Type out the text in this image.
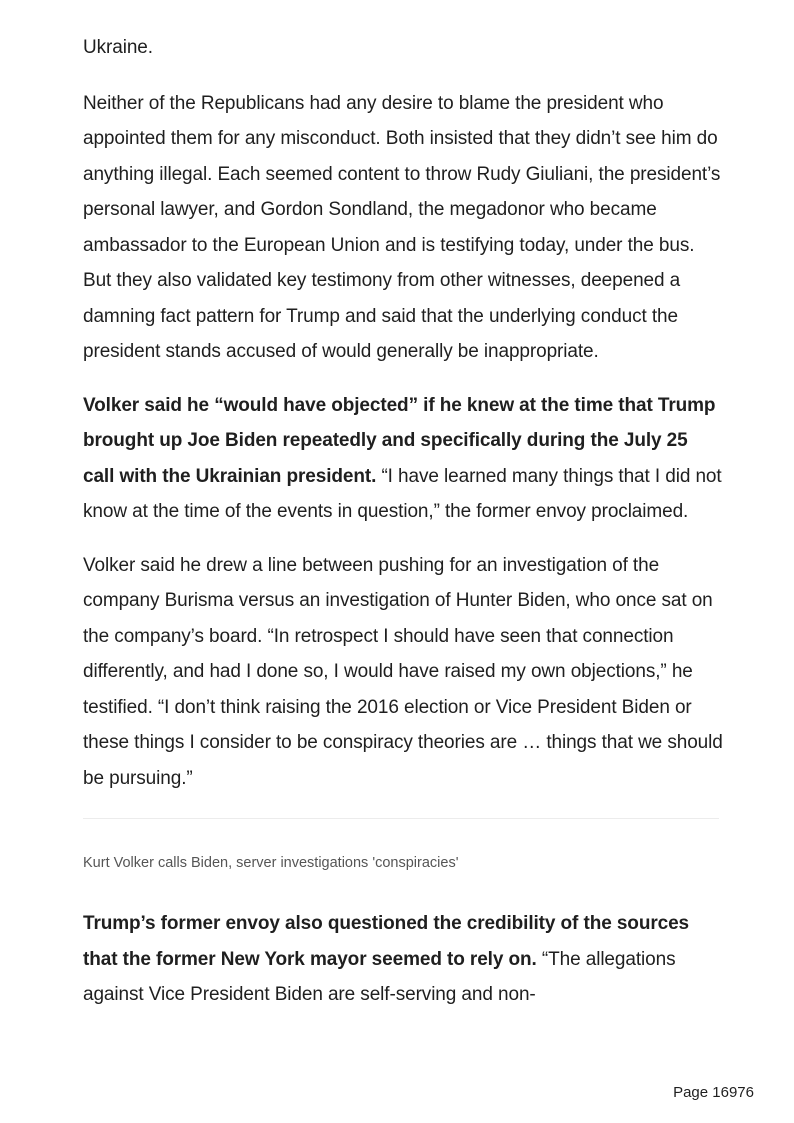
Ukraine.

Neither of the Republicans had any desire to blame the president who appointed them for any misconduct. Both insisted that they didn’t see him do anything illegal. Each seemed content to throw Rudy Giuliani, the president’s personal lawyer, and Gordon Sondland, the megadonor who became ambassador to the European Union and is testifying today, under the bus. But they also validated key testimony from other witnesses, deepened a damning fact pattern for Trump and said that the underlying conduct the president stands accused of would generally be inappropriate.

Volker said he “would have objected” if he knew at the time that Trump brought up Joe Biden repeatedly and specifically during the July 25 call with the Ukrainian president. “I have learned many things that I did not know at the time of the events in question,” the former envoy proclaimed.

Volker said he drew a line between pushing for an investigation of the company Burisma versus an investigation of Hunter Biden, who once sat on the company’s board. “In retrospect I should have seen that connection differently, and had I done so, I would have raised my own objections,” he testified. “I don’t think raising the 2016 election or Vice President Biden or these things I consider to be conspiracy theories are … things that we should be pursuing.”

Kurt Volker calls Biden, server investigations 'conspiracies'

Trump’s former envoy also questioned the credibility of the sources that the former New York mayor seemed to rely on. “The allegations against Vice President Biden are self-serving and non-

Page 16976
